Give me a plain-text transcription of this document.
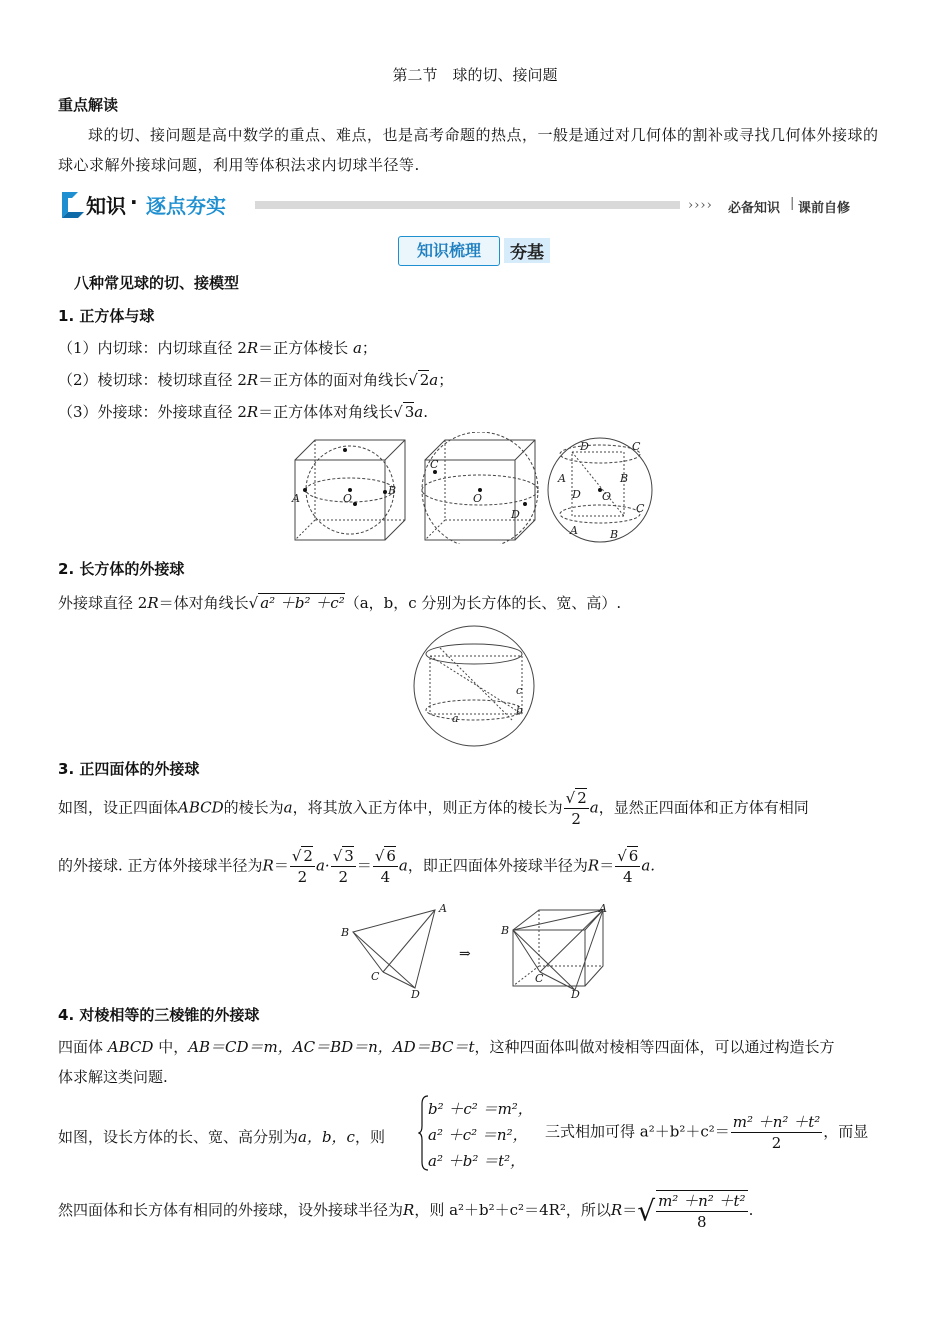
第二节　球的切、接问题
重点解读
球的切、接问题是高中数学的重点、难点，也是高考命题的热点，一般是通过对几何体的割补或寻找几何体外接球的球心求解外接球问题，利用等体积法求内切球半径等.
知识 · 逐点夯实	›››› 必备知识 | 课前自修
知识梳理	夯基
八种常见球的切、接模型
1. 正方体与球
（1）内切球：内切球直径 2R＝正方体棱长 a；
（2）棱切球：棱切球直径 2R＝正方体的面对角线长√ 2a；
（3）外接球：外接球直径 2R＝正方体体对角线长√ 3a.
A
B
O
C
O
D
D	C
A	B
D O
C
A	B
2. 长方体的外接球
外接球直径 2R＝体对角线长√ a² ＋b² ＋c²（a，b，c 分别为长方体的长、宽、高）.
a
b
c
3. 正四面体的外接球
如图，设正四面体ABCD的棱长为a，将其放入正方体中，则正方体的棱长为 $\frac{√ 2}{2}$ a，显然正四面体和正方体有相同
的外接球. 正方体外接球半径为$R= \frac{√ 2}{2} a\cdot \frac{√ 3}{2} = \frac{√ 6}{4}$ a，即正四面体外接球半径为$R= \frac{√ 6}{4} a$.
A
B
C
D
⇒
A
B
C
D
4. 对棱相等的三棱锥的外接球
四面体 ABCD 中，AB＝CD＝m，AC＝BD＝n，AD＝BC＝t，这种四面体叫做对棱相等四面体，可以通过构造长方
体求解这类问题.
如图，设长方体的长、宽、高分别为a，b，c，则
b² ＋c² ＝m²，
a² ＋c² ＝n²，
a² ＋b² ＝t²，
三式相加可得 $a^2+b^2+c^2= \frac{\text{m² ＋n² ＋t²}}{2}$ ，而显
然四面体和长方体有相同的外接球，设外接球半径为R，则 a²＋b²＋c²＝4R²，所以$R=√ \frac{\text{m² ＋n² ＋t²}}{8}$ .
